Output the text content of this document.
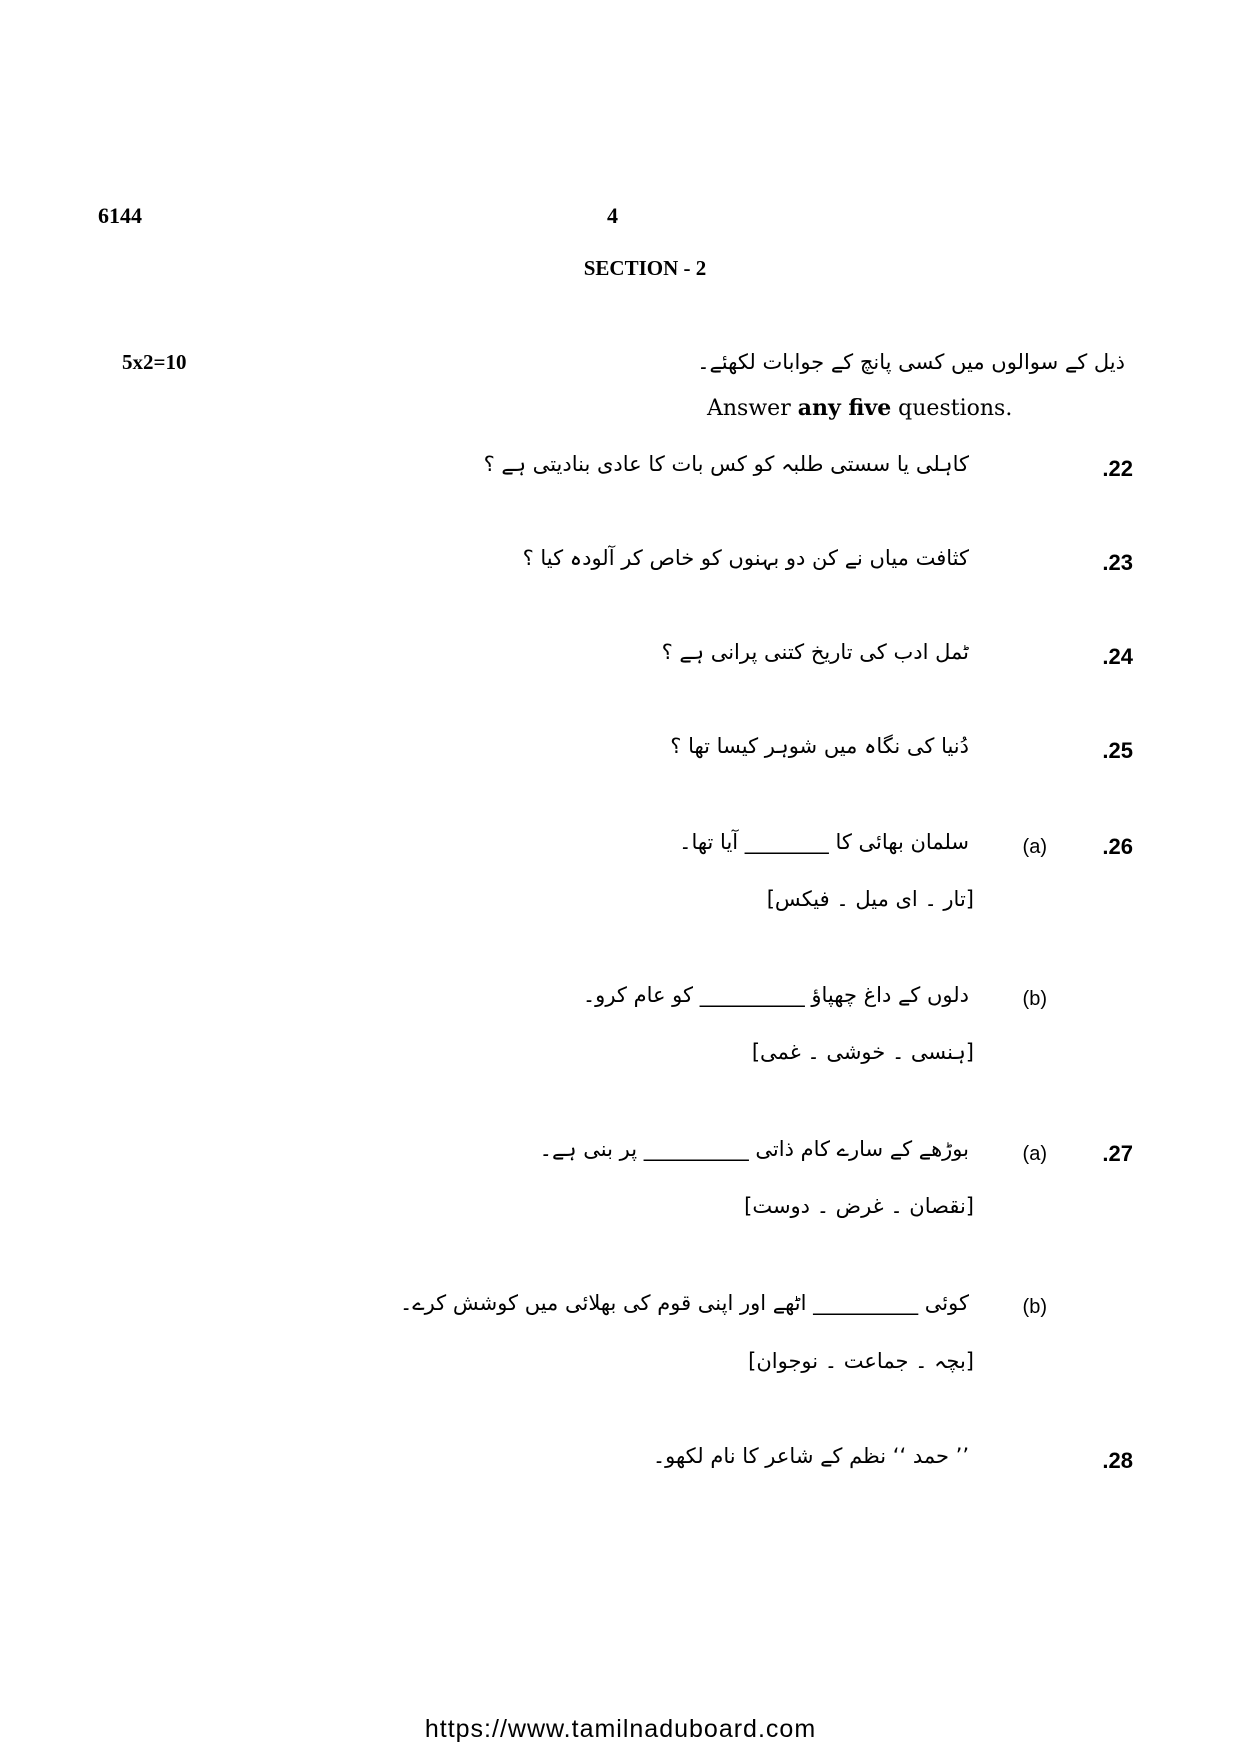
6144	4
SECTION - 2
5x2=10	ذیل کے سوالوں میں کسی پانچ کے جوابات لکھئے۔
Answer any five questions.
.22
کاہلی یا سستی طلبہ کو کس بات کا عادی بنادیتی ہے ؟
.23
کثافت میاں نے کن دو بہنوں کو خاص کر آلودہ کیا ؟
.24
ٹمل ادب کی تاریخ کتنی پرانی ہے ؟
.25
دُنیا کی نگاہ میں شوہر کیسا تھا ؟
.26
(a)
سلمان بھائی کا ________ آیا تھا۔
[تار ۔ ای میل ۔ فیکس]
(b)
دلوں کے داغ چھپاؤ __________ کو عام کرو۔
[ہنسی ۔ خوشی ۔ غمی]
.27
(a)
بوڑھے کے سارے کام ذاتی __________ پر بنی ہے۔
[نقصان ۔ غرض ۔ دوست]
(b)
کوئی __________ اٹھے اور اپنی قوم کی بھلائی میں کوشش کرے۔
[بچہ ۔ جماعت ۔ نوجوان]
.28
’’ حمد ‘‘ نظم کے شاعر کا نام لکھو۔
https://www.tamilnaduboard.com
